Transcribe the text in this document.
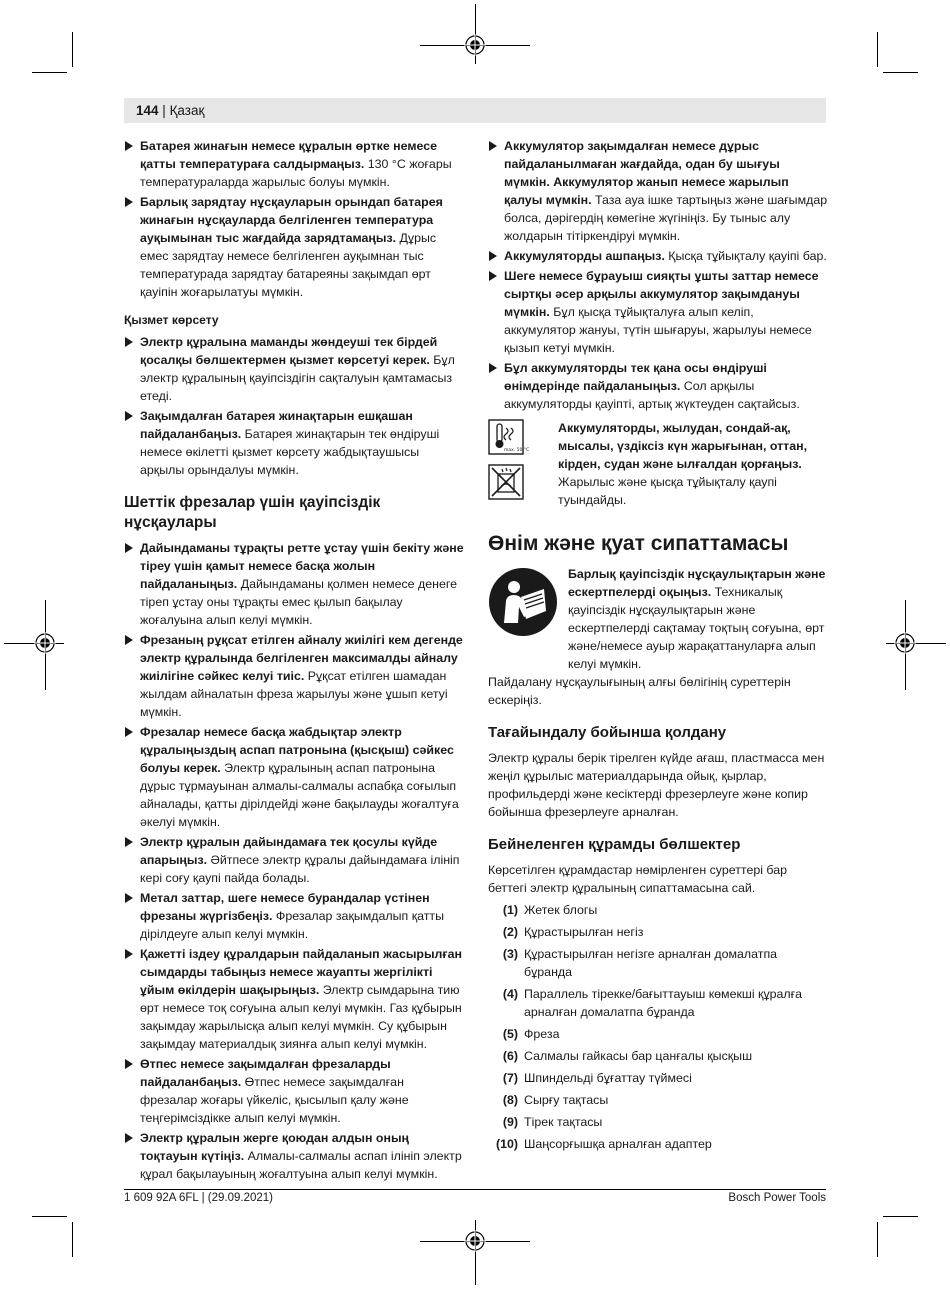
144 | Қазақ
Батарея жинағын немесе құралын өртке немесе қатты температураға салдырмаңыз. 130 °C жоғары температураларда жарылыс болуы мүмкін.
Барлық зарядтау нұсқауларын орындап батарея жинағын нұсқауларда белгіленген температура ауқымынан тыс жағдайда зарядтамаңыз. Дұрыс емес зарядтау немесе белгіленген ауқымнан тыс температурада зарядтау батареяны зақымдап өрт қауіпін жоғарылатуы мүмкін.
Қызмет көрсету
Электр құралына маманды жөндеуші тек бірдей қосалқы бөлшектермен қызмет көрсетуі керек. Бұл электр құралының қауіпсіздігін сақталуын қамтамасыз етеді.
Зақымдалған батарея жинақтарын ешқашан пайдаланбаңыз. Батарея жинақтарын тек өндіруші немесе өкілетті қызмет көрсету жабдықтаушысы арқылы орындалуы мүмкін.
Шеттік фрезалар үшін қауіпсіздік нұсқаулары
Дайындаманы тұрақты ретте ұстау үшін бекіту және тіреу үшін қамыт немесе басқа жолын пайдаланыңыз. Дайындаманы қолмен немесе денеге тіреп ұстау оны тұрақты емес қылып бақылау жоғалуына алып келуі мүмкін.
Фрезаның рұқсат етілген айналу жиілігі кем дегенде электр құралында белгіленген максималды айналу жиілігіне сәйкес келуі тиіс. Рұқсат етілген шамадан жылдам айналатын фреза жарылуы және ұшып кетуі мүмкін.
Фрезалар немесе басқа жабдықтар электр құралыңыздың аспап патронына (қысқыш) сәйкес болуы керек. Электр құралының аспап патронына дұрыс тұрмауынан алмалы-салмалы аспабқа соғылып айналады, қатты дірілдейді және бақылауды жоғалтуға әкелуі мүмкін.
Электр құралын дайындамаға тек қосулы күйде апарыңыз. Әйтпесе электр құралы дайындамаға ілініп кері соғу қаупі пайда болады.
Метал заттар, шеге немесе бурандалар үстінен фрезаны жүргізбеңіз. Фрезалар зақымдалып қатты дірілдеуге алып келуі мүмкін.
Қажетті іздеу құралдарын пайдаланып жасырылған сымдарды табыңыз немесе жауапты жергілікті ұйым өкілдерін шақырыңыз. Электр сымдарына тию өрт немесе тоқ соғуына алып келуі мүмкін. Газ құбырын зақымдау жарылысқа алып келуі мүмкін. Су құбырын зақымдау материалдық зиянға алып келуі мүмкін.
Өтпес немесе зақымдалған фрезаларды пайдаланбаңыз. Өтпес немесе зақымдалған фрезалар жоғары үйкеліс, қысылып қалу және теңгерімсіздікке алып келуі мүмкін.
Электр құралын жерге қоюдан алдын оның тоқтауын күтіңіз. Алмалы-салмалы аспап ілініп электр құрал бақылауының жоғалтуына алып келуі мүмкін.
Аккумулятор зақымдалған немесе дұрыс пайдаланылмаған жағдайда, одан бу шығуы мүмкін. Аккумулятор жанып немесе жарылып қалуы мүмкін. Таза ауа ішке тартыңыз және шағымдар болса, дәрігердің көмегіне жүгініңіз. Бу тыныс алу жолдарын тітіркендіруі мүмкін.
Аккумуляторды ашпаңыз. Қысқа тұйықталу қауіпі бар.
Шеге немесе бұрауыш сияқты ұшты заттар немесе сыртқы әсер арқылы аккумулятор зақымдануы мүмкін. Бұл қысқа тұйықталуға алып келіп, аккумулятор жануы, түтін шығаруы, жарылуы немесе қызып кетуі мүмкін.
Бұл аккумуляторды тек қана осы өндіруші өнімдерінде пайдаланыңыз. Сол арқылы аккумуляторды қауіпті, артық жүктеуден сақтайсыз.
max. 50 °C

Аккумуляторды, жылудан, сондай-ақ, мысалы, үздіксіз күн жарығынан, оттан, кірден, судан және ылғалдан қорғаңыз. Жарылыс және қысқа тұйықталу қаупі туындайды.
Өнім және қуат сипаттамасы
Барлық қауіпсіздік нұсқаулықтарын және ескертпелерді оқыңыз. Техникалық қауіпсіздік нұсқаулықтарын және ескертпелерді сақтамау тоқтың соғуына, өрт және/немесе ауыр жарақаттануларға алып келуі мүмкін.
Пайдалану нұсқаулығының алғы бөлігінің суреттерін ескеріңіз.
Тағайындалу бойынша қолдану
Электр құралы берік тірелген күйде ағаш, пластмасса мен жеңіл құрылыс материалдарында ойық, қырлар, профильдерді және кесіктерді фрезерлеуге және копир бойынша фрезерлеуге арналған.
Бейнеленген құрамды бөлшектер
Көрсетілген құрамдастар нөмірленген суреттері бар беттегі электр құралының сипаттамасына сай.
(1) Жетек блогы
(2) Құрастырылған негіз
(3) Құрастырылған негізге арналған домалатпа бұранда
(4) Параллель тірекке/бағыттауыш көмекші құралға арналған домалатпа бұранда
(5) Фреза
(6) Салмалы гайкасы бар цанғалы қысқыш
(7) Шпиндельді бұғаттау түймесі
(8) Сырғу тақтасы
(9) Тірек тақтасы
(10) Шаңсорғышқа арналған адаптер
1 609 92A 6FL | (29.09.2021)	Bosch Power Tools
